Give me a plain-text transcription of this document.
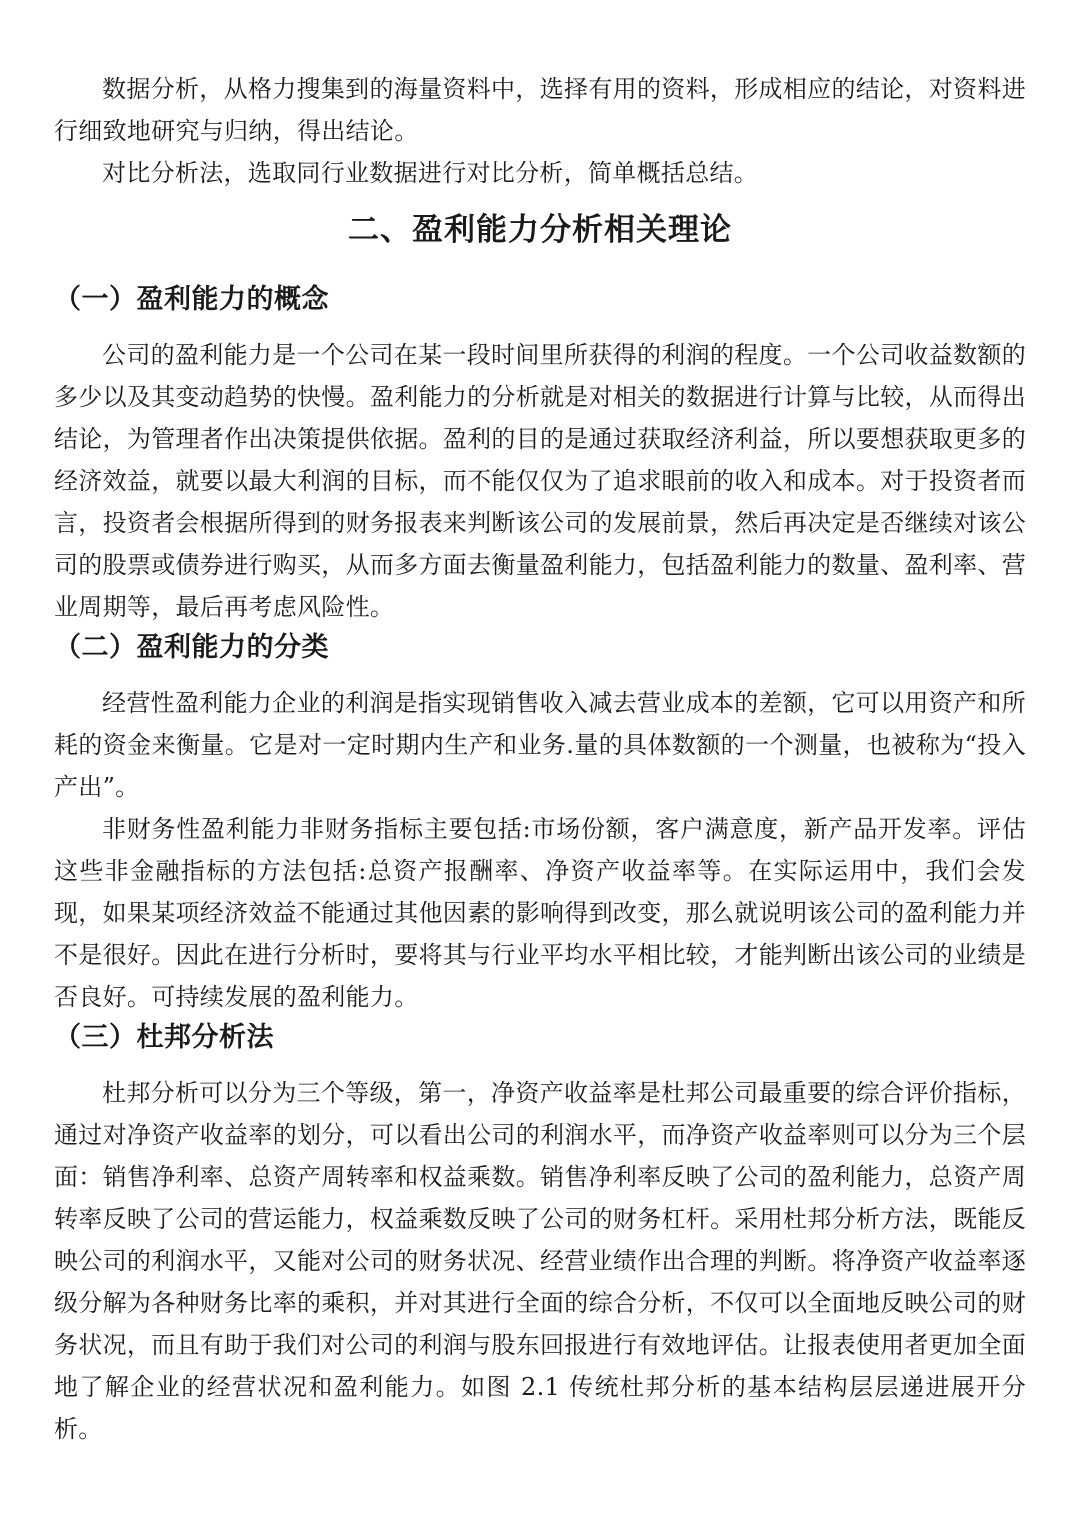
数据分析，从格力搜集到的海量资料中，选择有用的资料，形成相应的结论，对资料进行细致地研究与归纳，得出结论。

对比分析法，选取同行业数据进行对比分析，简单概括总结。

二、盈利能力分析相关理论
（一）盈利能力的概念

公司的盈利能力是一个公司在某一段时间里所获得的利润的程度。一个公司收益数额的多少以及其变动趋势的快慢。盈利能力的分析就是对相关的数据进行计算与比较，从而得出结论，为管理者作出决策提供依据。盈利的目的是通过获取经济利益，所以要想获取更多的经济效益，就要以最大利润的目标，而不能仅仅为了追求眼前的收入和成本。对于投资者而言，投资者会根据所得到的财务报表来判断该公司的发展前景，然后再决定是否继续对该公司的股票或债券进行购买，从而多方面去衡量盈利能力，包括盈利能力的数量、盈利率、营业周期等，最后再考虑风险性。

（二）盈利能力的分类

经营性盈利能力企业的利润是指实现销售收入减去营业成本的差额，它可以用资产和所耗的资金来衡量。它是对一定时期内生产和业务.量的具体数额的一个测量，也被称为“投入产出”。

非财务性盈利能力非财务指标主要包括:市场份额，客户满意度，新产品开发率。评估这些非金融指标的方法包括:总资产报酬率、净资产收益率等。在实际运用中，我们会发现，如果某项经济效益不能通过其他因素的影响得到改变，那么就说明该公司的盈利能力并不是很好。因此在进行分析时，要将其与行业平均水平相比较，才能判断出该公司的业绩是否良好。可持续发展的盈利能力。

（三）杜邦分析法

杜邦分析可以分为三个等级，第一，净资产收益率是杜邦公司最重要的综合评价指标，通过对净资产收益率的划分，可以看出公司的利润水平，而净资产收益率则可以分为三个层面：销售净利率、总资产周转率和权益乘数。销售净利率反映了公司的盈利能力，总资产周转率反映了公司的营运能力，权益乘数反映了公司的财务杠杆。采用杜邦分析方法，既能反映公司的利润水平，又能对公司的财务状况、经营业绩作出合理的判断。将净资产收益率逐级分解为各种财务比率的乘积，并对其进行全面的综合分析，不仅可以全面地反映公司的财务状况，而且有助于我们对公司的利润与股东回报进行有效地评估。让报表使用者更加全面地了解企业的经营状况和盈利能力。如图 2.1 传统杜邦分析的基本结构层层递进展开分析。
